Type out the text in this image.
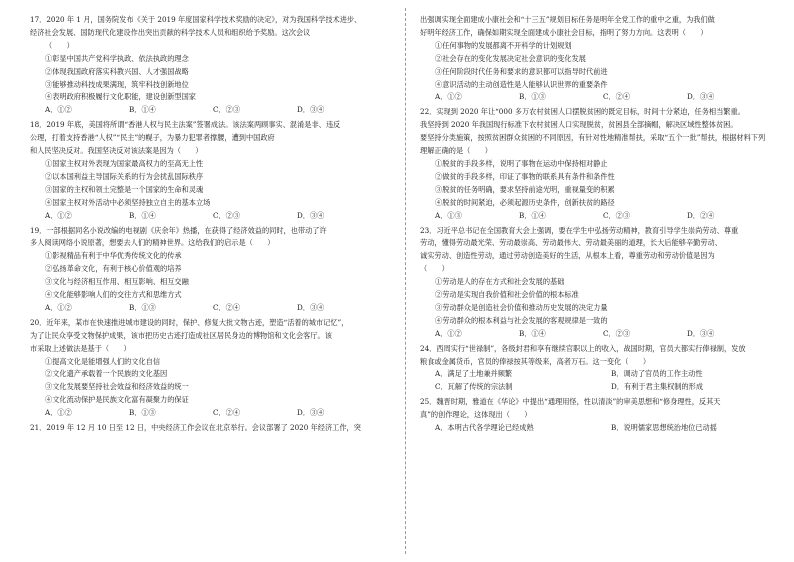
17．2020 年 1 月，国务院发布《关于 2019 年度国家科学技术奖励的决定》，对为我国科学技术进步、
经济社会发展、国防现代化建设作出突出贡献的科学技术人员和组织给予奖励。这次会议
（　　）
①彰显中国共产党科学执政、依法执政的理念
②体现我国政府落实科教兴国、人才强国战略
③能够推动科技成果满现，筑牢科技创新地位
④表明政府积极履行文化职能，建设创新型国家
A．①②	B．①④	C．②③	D．③④
18．2019 年底，美国将所谓“香港人权与民主法案”签署成法。该法案两顾事实、混淆是非、违反
公理，打着支持香港“人权”“民主”的幌子，为暴力犯罪者撑腰，遭到中国政府
和人民坚决反对。我国坚决反对该法案是因为（　　）
①国家主权对外表现为国家最高权力的至高无上性
②以本国利益主导国际关系的行为会扰乱国际秩序
③国家的主权和领土完整是一个国家的生命和灵魂
④国家主权对外活动中必须坚持独立自主的基本立场
A．①②	B．①④	C．②③	D．③④
19．一部根据同名小说改编的电视剧《庆余年》热播，在获得了经济效益的同时，也带动了许
多人阅读网络小说原著，想要去人们的精神世界。这给我们的启示是（　　）
①影视精品有利于中华优秀传统文化的传承
②弘扬革命文化，有利于核心价值观的培养
③文化与经济相互作用、相互影响、相互交融
④文化能够影响人们的交往方式和思维方式
A．①②	B．①③	C．②④	D．③④
20．近年来，某市在快速推进城市建设的同时，保护、修复大批文物古迹，塑造“活着的城市记忆”，
为了让民众享受文物保护成果，该市把历史古迹打造成社区居民身边的博物馆和文化会客厅。该
市采取上述做法是基于（　　）
①提高文化是能增强人们的文化自信
②文化遗产承载着一个民族的文化基因
③文化发展要坚持社会效益和经济效益的统一
④文化流动保护是民族文化富有凝聚力的保证
A．①②	B．①③	C．②④	D．③④
21．2019 年 12 月 10 日至 12 日，中央经济工作会议在北京举行。会议部署了 2020 年经济工作，突
出强调实现全面建成小康社会和“十三五”规划目标任务是明年全党工作的重中之重，为我们做
好明年经济工作，确保如期实现全面建成小康社会目标，指明了努力方向。这表明（　　）
①任何事物的发展都离不开科学的计划规划
②社会存在的变化发展决定社会意识的变化发展
③任何阶段时代任务和要求的意识都可以指导时代前进
④意识活动的主动创造性是人能够认识世界的重要条件
A．①②	B．①③	C．②④	D．③④
22．实现到 2020 年让“000 多万农村贫困人口摆脱贫困的既定目标，时间十分紧迫，任务相当繁重。
我坚持到 2020 年我国现行标准下农村贫困人口实现脱贫，贫困县全部摘帽，解决区域性整体贫困。
要坚持分类施策，按照贫困群众贫困的不同原因，有针对性地精准帮扶，采取“五个一批”帮扶，根据材料下列
理解正确的是（　　）
①脱贫的手段多样，说明了事物在运动中保持相对静止
②做贫的手段多样，印证了事物的联系具有条件和条件性
③脱贫的任务明确，要求坚持前途光明，重视量变的积累
④脱贫的时间紧迫，必须起源历史条件，创新扶贫的路径
A．①③	B．①④	C．②③	D．②④
23．习近平总书记在全国教育大会上强调，要在学生中弘扬劳动精神，教育引导学生崇尚劳动、尊重
劳动，懂得劳动最光荣、劳动最崇高、劳动最伟大、劳动最美丽的道理，长大后能够辛勤劳动、
诚实劳动、创造性劳动，通过劳动创造美好的生活，从根本上看，尊重劳动和劳动价值是因为
（　　）
①劳动是人的存在方式和社会发展的基础
②劳动是实现自我价值和社会价值的根本标准
③劳动群众是创造社会价值和推动历史发展的决定力量
④劳动群众的根本利益与社会发展的客观规律是一致的
A．①②	B．①④	C．②③	D．③④
24．西周实行“世禄制”，各级封君和享有继续官职以上的收入，战国时期，官员大都实行俸禄制，发放
粮食或金属货币，官员的俸禄按其等级来，高者万石。这一变化（　　）
A．满足了土地兼并频繁	B．调动了官员的工作主动性
C．瓦解了传统的宗法制	D．有利于君主集权制的形成
25．魏晋时期，雅道在《华论》中提出“通理用怪，性以清淡”的审美思想和“修身理性，反其天
真”的创作理论，这体现出（　　）
A．本明古代各学理论已经成熟	B．说明儒家思想统治地位已动摇
